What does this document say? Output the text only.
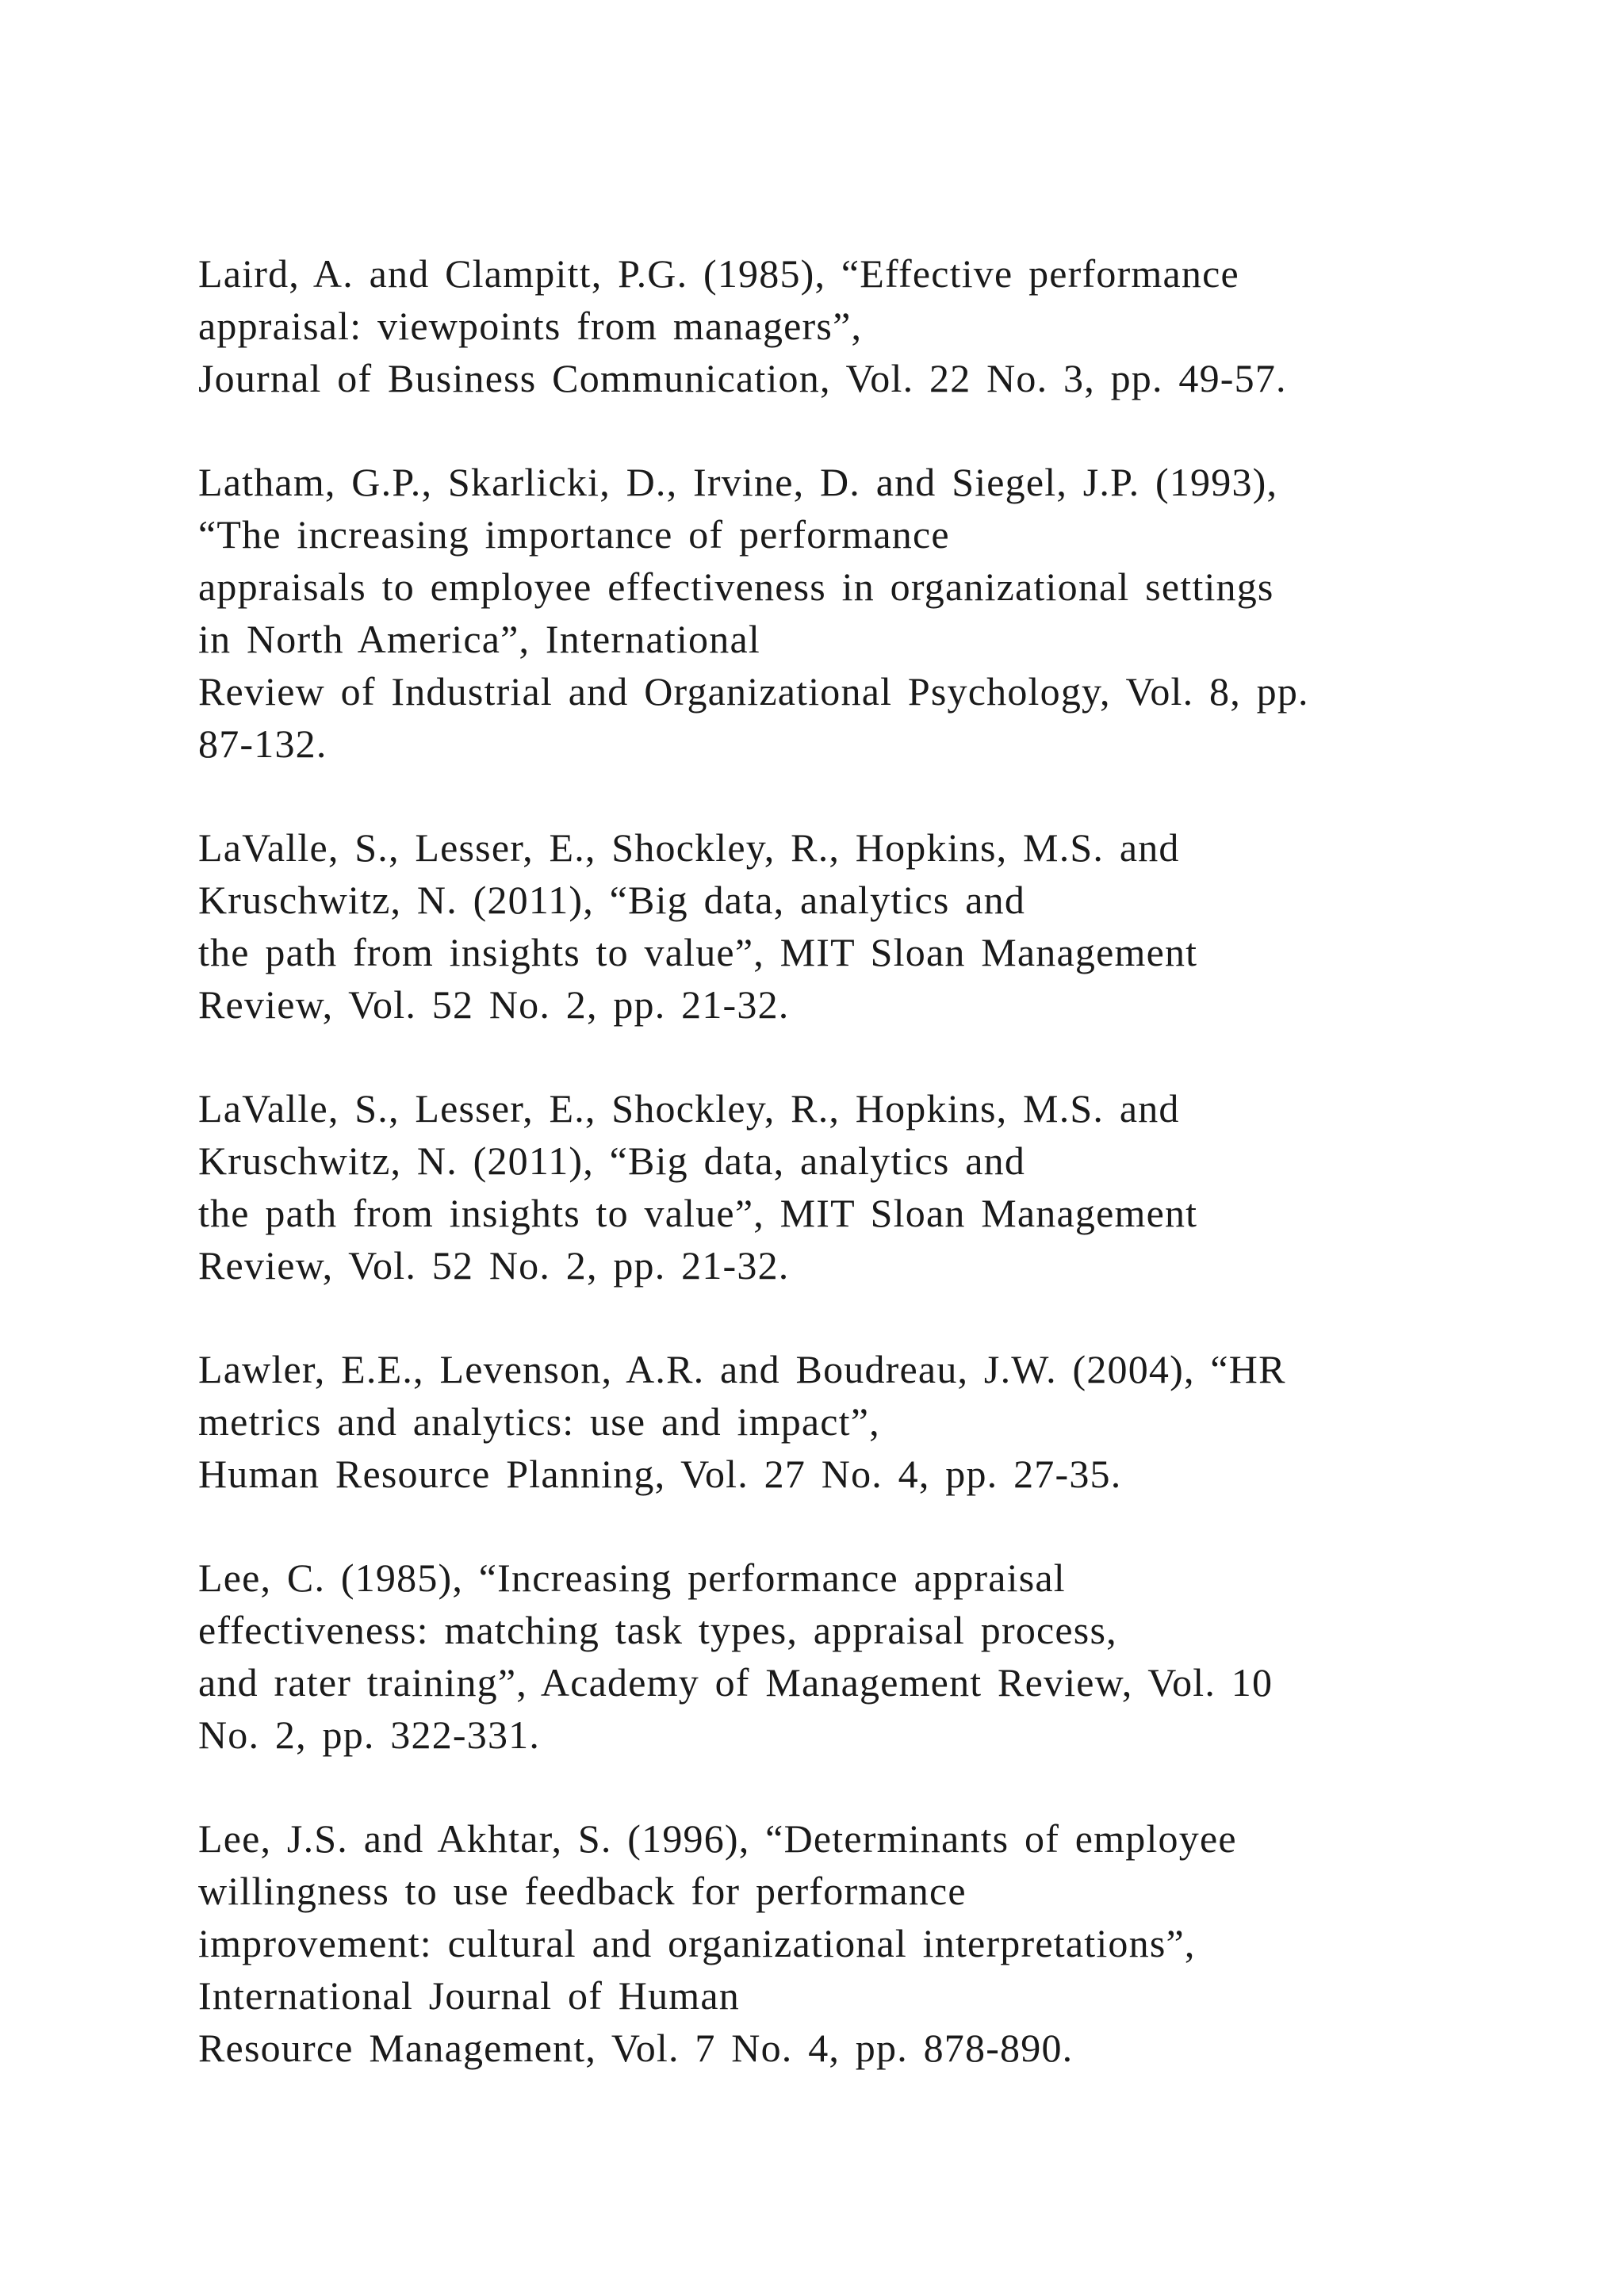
Laird, A. and Clampitt, P.G. (1985), “Effective performance
appraisal: viewpoints from managers”,
Journal of Business Communication, Vol. 22 No. 3, pp. 49-57.
Latham, G.P., Skarlicki, D., Irvine, D. and Siegel, J.P. (1993),
“The increasing importance of performance
appraisals to employee effectiveness in organizational settings
in North America”, International
Review of Industrial and Organizational Psychology, Vol. 8, pp.
87-132.
LaValle, S., Lesser, E., Shockley, R., Hopkins, M.S. and
Kruschwitz, N. (2011), “Big data, analytics and
the path from insights to value”, MIT Sloan Management
Review, Vol. 52 No. 2, pp. 21-32.
LaValle, S., Lesser, E., Shockley, R., Hopkins, M.S. and
Kruschwitz, N. (2011), “Big data, analytics and
the path from insights to value”, MIT Sloan Management
Review, Vol. 52 No. 2, pp. 21-32.
Lawler, E.E., Levenson, A.R. and Boudreau, J.W. (2004), “HR
metrics and analytics: use and impact”,
Human Resource Planning, Vol. 27 No. 4, pp. 27-35.
Lee, C. (1985), “Increasing performance appraisal
effectiveness: matching task types, appraisal process,
and rater training”, Academy of Management Review, Vol. 10
No. 2, pp. 322-331.
Lee, J.S. and Akhtar, S. (1996), “Determinants of employee
willingness to use feedback for performance
improvement: cultural and organizational interpretations”,
International Journal of Human
Resource Management, Vol. 7 No. 4, pp. 878-890.
